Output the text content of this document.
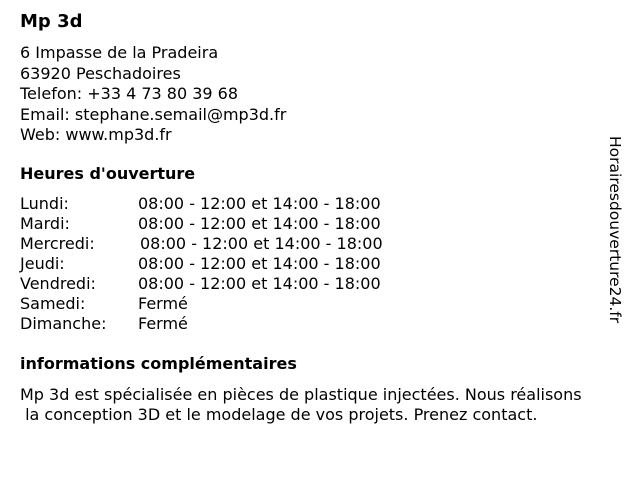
Mp 3d
6 Impasse de la Pradeira
63920 Peschadoires
Telefon: +33 4 73 80 39 68
Email: stephane.semail@mp3d.fr
Web: www.mp3d.fr
Heures d'ouverture
Lundi:	08:00 - 12:00 et 14:00 - 18:00
Mardi:	08:00 - 12:00 et 14:00 - 18:00
Mercredi:	08:00 - 12:00 et 14:00 - 18:00
Jeudi:	08:00 - 12:00 et 14:00 - 18:00
Vendredi:	08:00 - 12:00 et 14:00 - 18:00
Samedi:	Fermé
Dimanche: Fermé
informations complémentaires
Mp 3d est spécialisée en pièces de plastique injectées. Nous réalisons
la conception 3D et le modelage de vos projets. Prenez contact.
Horairesdouverture24.fr
